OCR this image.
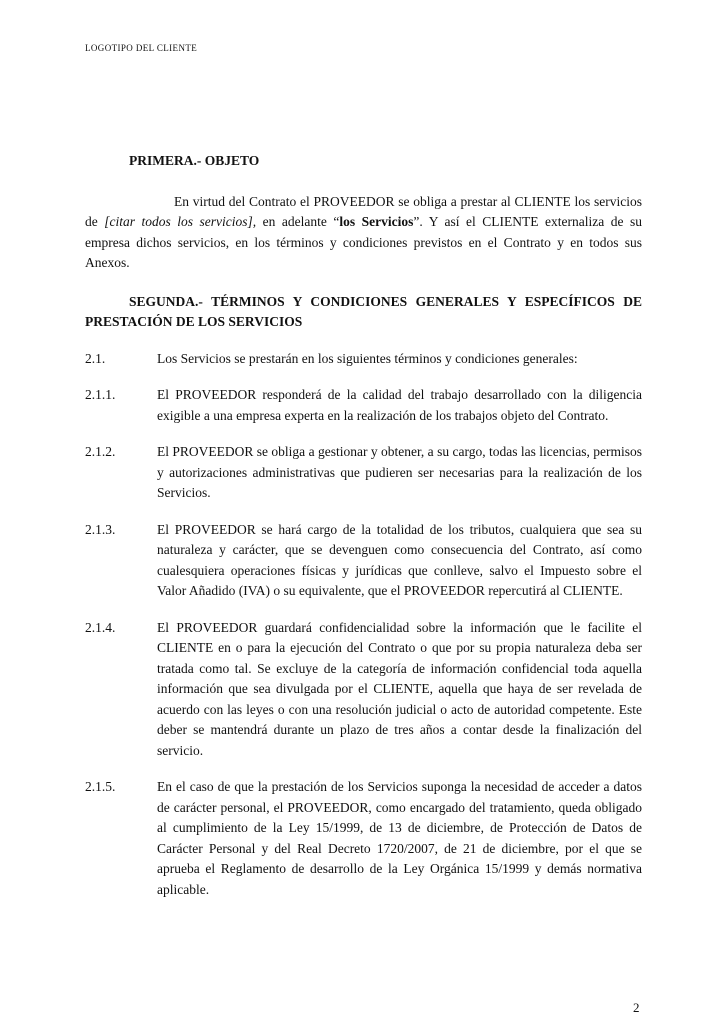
LOGOTIPO DEL CLIENTE

PRIMERA.- OBJETO

En virtud del Contrato el PROVEEDOR se obliga a prestar al CLIENTE los servicios de [citar todos los servicios], en adelante “los Servicios”. Y así el CLIENTE externaliza de su empresa dichos servicios, en los términos y condiciones previstos en el Contrato y en todos sus Anexos.

SEGUNDA.- TÉRMINOS Y CONDICIONES GENERALES Y ESPECÍFICOS DE PRESTACIÓN DE LOS SERVICIOS

2.1.	Los Servicios se prestarán en los siguientes términos y condiciones generales:
2.1.1.	El PROVEEDOR responderá de la calidad del trabajo desarrollado con la diligencia exigible a una empresa experta en la realización de los trabajos objeto del Contrato.
2.1.2.	El PROVEEDOR se obliga a gestionar y obtener, a su cargo, todas las licencias, permisos y autorizaciones administrativas que pudieren ser necesarias para la realización de los Servicios.
2.1.3.	El PROVEEDOR se hará cargo de la totalidad de los tributos, cualquiera que sea su naturaleza y carácter, que se devenguen como consecuencia del Contrato, así como cualesquiera operaciones físicas y jurídicas que conlleve, salvo el Impuesto sobre el Valor Añadido (IVA) o su equivalente, que el PROVEEDOR repercutirá al CLIENTE.
2.1.4.	El PROVEEDOR guardará confidencialidad sobre la información que le facilite el CLIENTE en o para la ejecución del Contrato o que por su propia naturaleza deba ser tratada como tal. Se excluye de la categoría de información confidencial toda aquella información que sea divulgada por el CLIENTE, aquella que haya de ser revelada de acuerdo con las leyes o con una resolución judicial o acto de autoridad competente. Este deber se mantendrá durante un plazo de tres años a contar desde la finalización del servicio.
2.1.5.	En el caso de que la prestación de los Servicios suponga la necesidad de acceder a datos de carácter personal, el PROVEEDOR, como encargado del tratamiento, queda obligado al cumplimiento de la Ley 15/1999, de 13 de diciembre, de Protección de Datos de Carácter Personal y del Real Decreto 1720/2007, de 21 de diciembre, por el que se aprueba el Reglamento de desarrollo de la Ley Orgánica 15/1999 y demás normativa aplicable.
2
